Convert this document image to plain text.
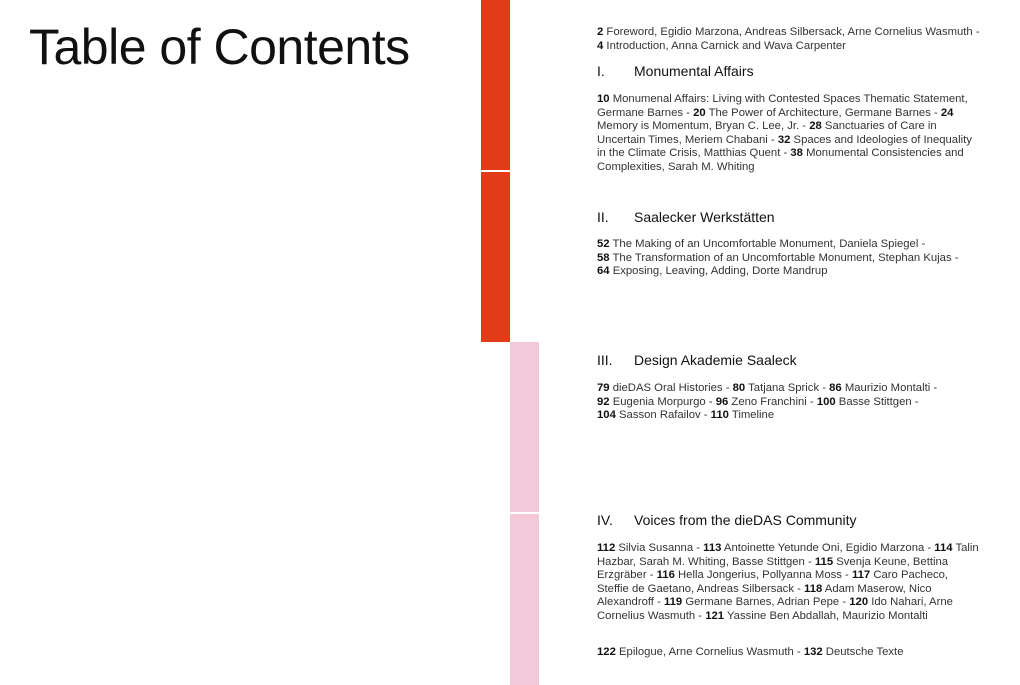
Table of Contents	2 Foreword, Egidio Marzona, Andreas Silbersack, Arne Cornelius Wasmuth -
4 Introduction, Anna Carnick and Wava Carpenter
I. Monumental Affairs
10 Monumenal Affairs: Living with Contested Spaces Thematic Statement, Germane Barnes - 20 The Power of Architecture, Germane Barnes - 24 Memory is Momentum, Bryan C. Lee, Jr. - 28 Sanctuaries of Care in Uncertain Times, Meriem Chabani - 32 Spaces and Ideologies of Inequality in the Climate Crisis, Matthias Quent - 38 Monumental Consistencies and Complexities, Sarah M. Whiting
II. Saalecker Werkstätten
52 The Making of an Uncomfortable Monument, Daniela Spiegel -
58 The Transformation of an Uncomfortable Monument, Stephan Kujas -
64 Exposing, Leaving, Adding, Dorte Mandrup
III. Design Akademie Saaleck
79 dieDAS Oral Histories - 80 Tatjana Sprick - 86 Maurizio Montalti -
92 Eugenia Morpurgo - 96 Zeno Franchini - 100 Basse Stittgen -
104 Sasson Rafailov - 110 Timeline
IV. Voices from the dieDAS Community
112 Silvia Susanna - 113 Antoinette Yetunde Oni, Egidio Marzona - 114 Talin Hazbar, Sarah M. Whiting, Basse Stittgen - 115 Svenja Keune, Bettina Erzgräber - 116 Hella Jongerius, Pollyanna Moss - 117 Caro Pacheco, Steffie de Gaetano, Andreas Silbersack - 118 Adam Maserow, Nico Alexandroff - 119 Germane Barnes, Adrian Pepe - 120 Ido Nahari, Arne Cornelius Wasmuth - 121 Yassine Ben Abdallah, Maurizio Montalti
122 Epilogue, Arne Cornelius Wasmuth - 132 Deutsche Texte
